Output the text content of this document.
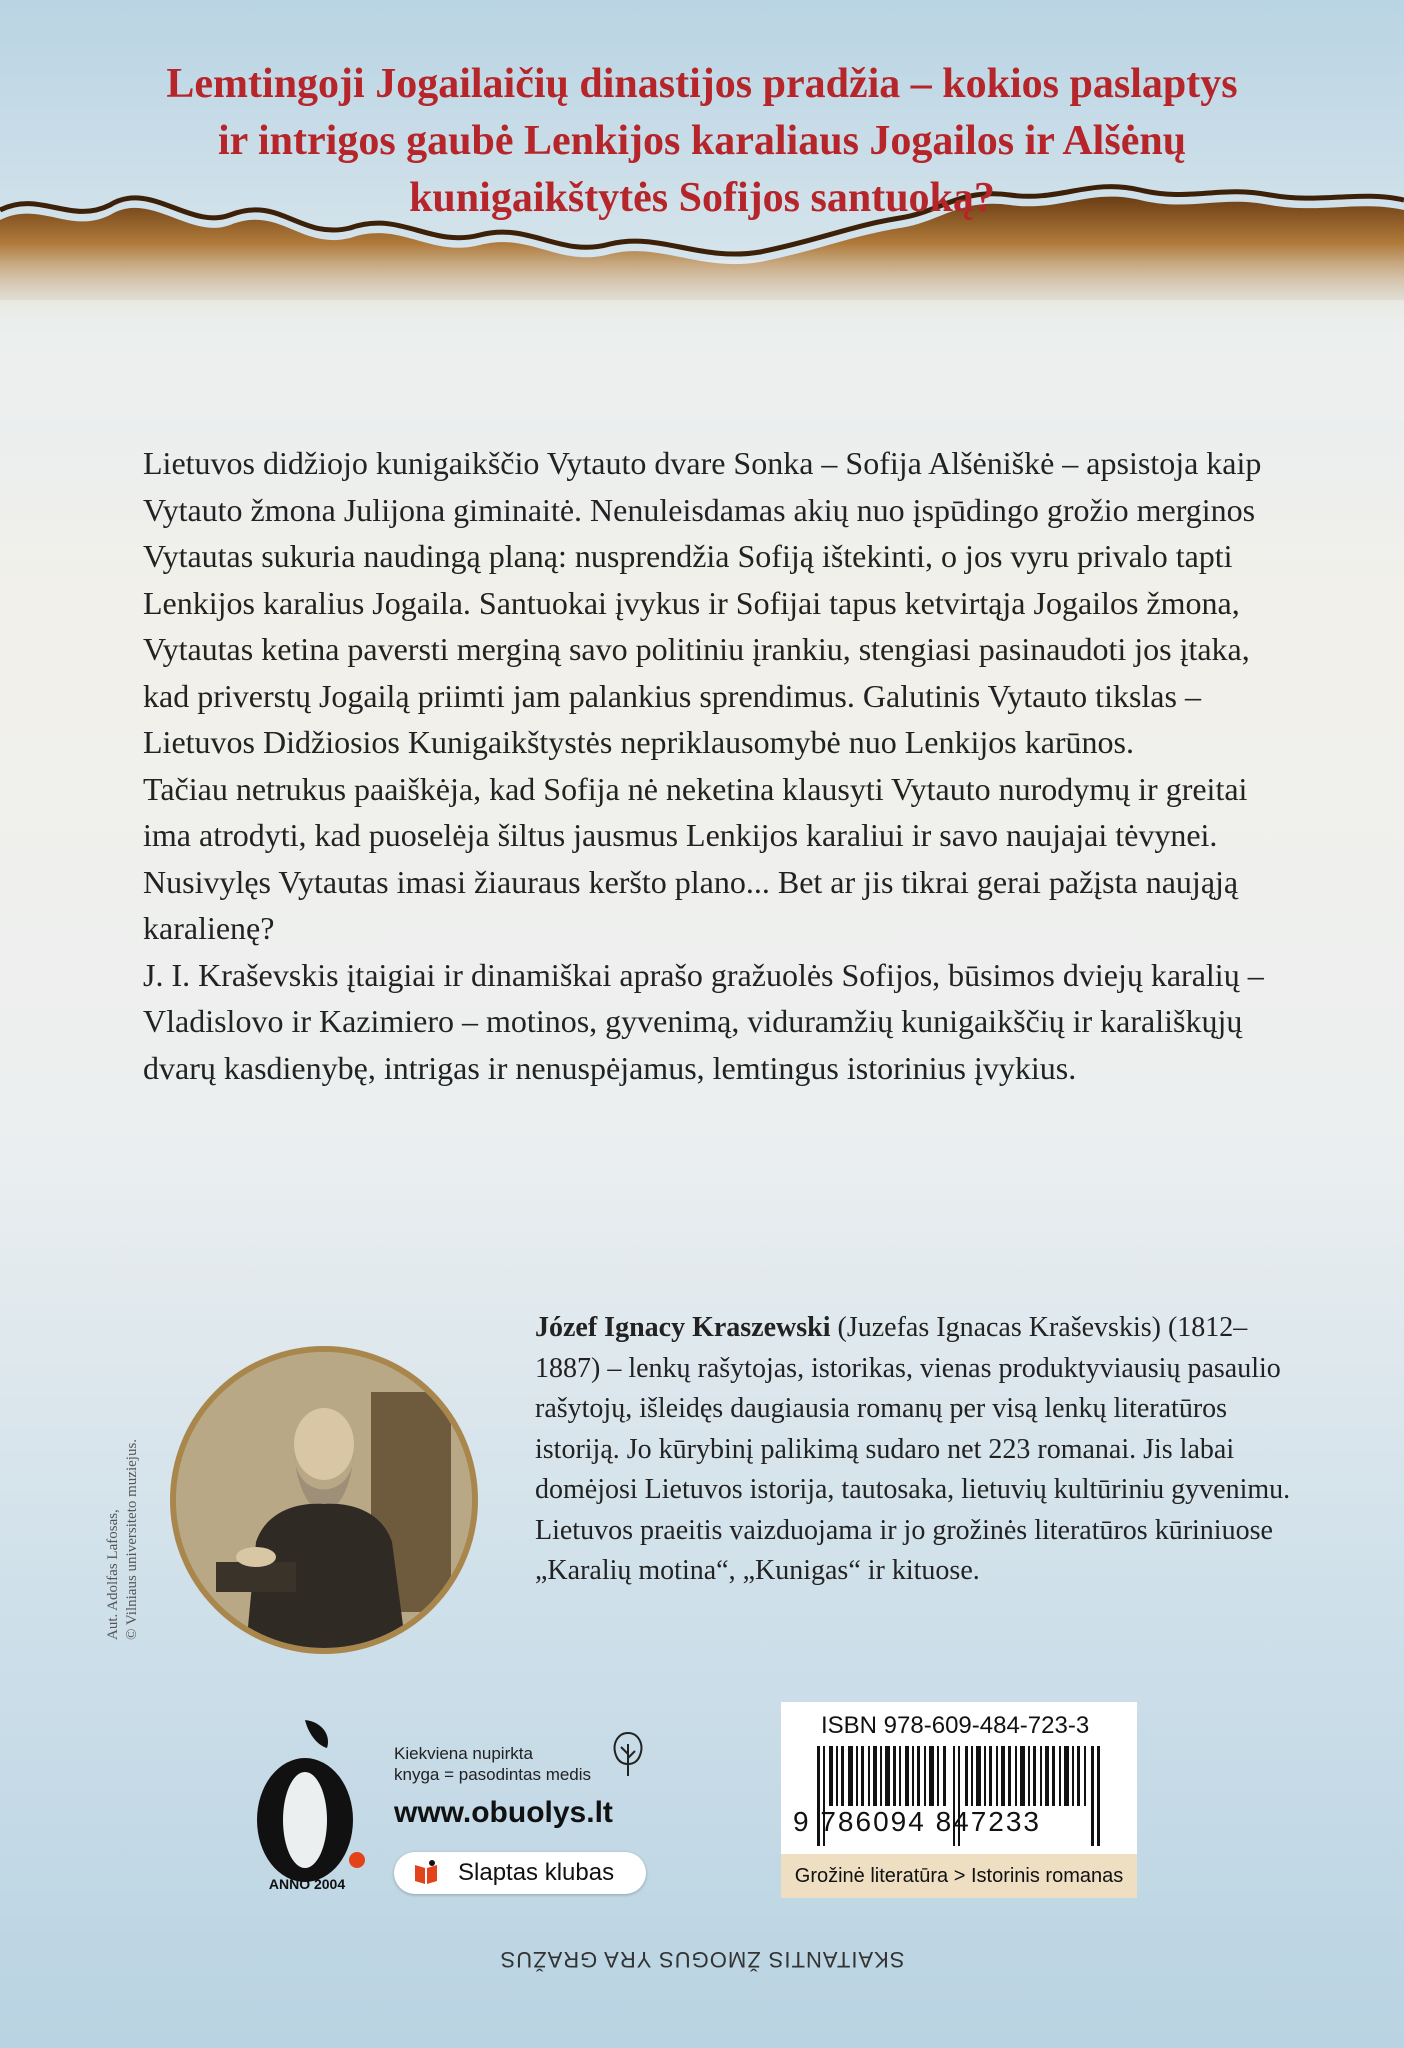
Lemtingoji Jogailaičių dinastijos pradžia – kokios paslaptys ir intrigos gaubė Lenkijos karaliaus Jogailos ir Alšėnų kunigaikštytės Sofijos santuoką?

Lietuvos didžiojo kunigaikščio Vytauto dvare Sonka – Sofija Alšėniškė – apsistoja kaip Vytauto žmona Julijona giminaitė. Nenuleisdamas akių nuo įspūdingo grožio merginos Vytautas sukuria naudingą planą: nusprendžia Sofiją ištekinti, o jos vyru privalo tapti Lenkijos karalius Jogaila. Santuokai įvykus ir Sofijai tapus ketvirtąja Jogailos žmona, Vytautas ketina paversti merginą savo politiniu įrankiu, stengiasi pasinaudoti jos įtaka, kad priverstų Jogailą priimti jam palankius sprendimus. Galutinis Vytauto tikslas – Lietuvos Didžiosios Kunigaikštystės nepriklausomybė nuo Lenkijos karūnos.

Tačiau netrukus paaiškėja, kad Sofija nė neketina klausyti Vytauto nurodymų ir greitai ima atrodyti, kad puoselėja šiltus jausmus Lenkijos karaliui ir savo naujajai tėvynei.

Nusivylęs Vytautas imasi žiauraus keršto plano... Bet ar jis tikrai gerai pažįsta naująją karalienę?

J. I. Kraševskis įtaigiai ir dinamiškai aprašo gražuolės Sofijos, būsimos dviejų karalių – Vladislovo ir Kazimiero – motinos, gyvenimą, viduramžių kunigaikščių ir karališkųjų dvarų kasdienybę, intrigas ir nenuspėjamus, lemtingus istorinius įvykius.

Aut. Adolfas Lafosas, © Vilniaus universiteto muziejus.
Józef Ignacy Kraszewski (Juzefas Ignacas Kraševskis) (1812–1887) – lenkų rašytojas, istorikas, vienas produktyviausių pasaulio rašytojų, išleidęs daugiausia romanų per visą lenkų literatūros istoriją. Jo kūrybinį palikimą sudaro net 223 romanai. Jis labai domėjosi Lietuvos istorija, tautosaka, lietuvių kultūriniu gyvenimu. Lietuvos praeitis vaizduojama ir jo grožinės literatūros kūriniuose „Karalių motina“, „Kunigas“ ir kituose.
ANNO 2004
Kiekviena nupirkta
knyga = pasodintas medis
www.obuolys.lt
Slaptas klubas
ISBN 978-609-484-723-3
9 786094 847233
Grožinė literatūra > Istorinis romanas
SKAITANTIS ŽMOGUS YRA GRAŽUS
